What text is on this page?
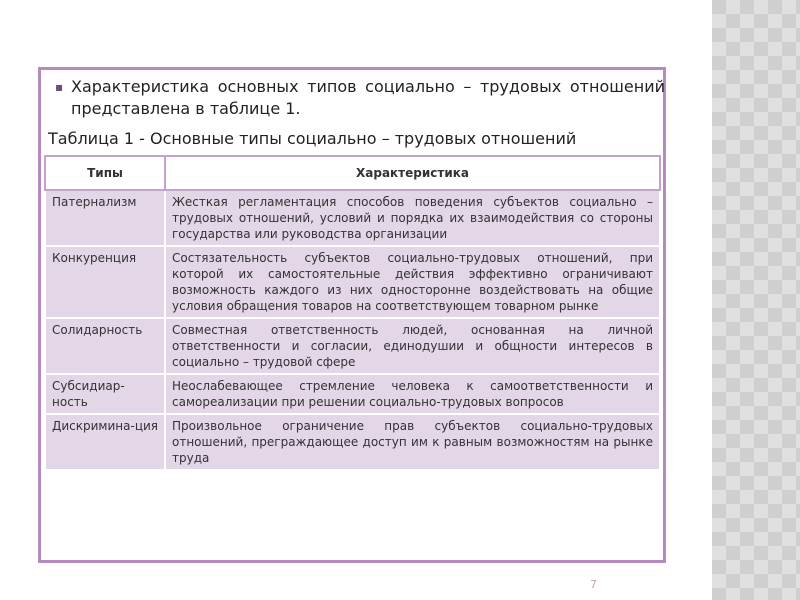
▪ Характеристика основных типов социально – трудовых отношений представлена в таблице 1.
Таблица 1 - Основные типы социально – трудовых отношений
Типы	Характеристика
Патернализм	Жесткая регламентация способов поведения субъектов социально – трудовых отношений, условий и порядка их взаимодействия со стороны государства или руководства организации
Конкуренция	Состязательность субъектов социально-трудовых отношений, при которой их самостоятельные действия эффективно ограничивают возможность каждого из них односторонне воздействовать на общие условия обращения товаров на соответствующем товарном рынке
Солидарность	Совместная ответственность людей, основанная на личной ответственности и согласии, единодушии и общности интересов в социально – трудовой сфере
Субсидиар-ность	Неослабевающее стремление человека к самоответственности и самореализации при решении социально-трудовых вопросов
Дискримина-ция	Произвольное ограничение прав субъектов социально-трудовых отношений, преграждающее доступ им к равным возможностям на рынке труда
7
